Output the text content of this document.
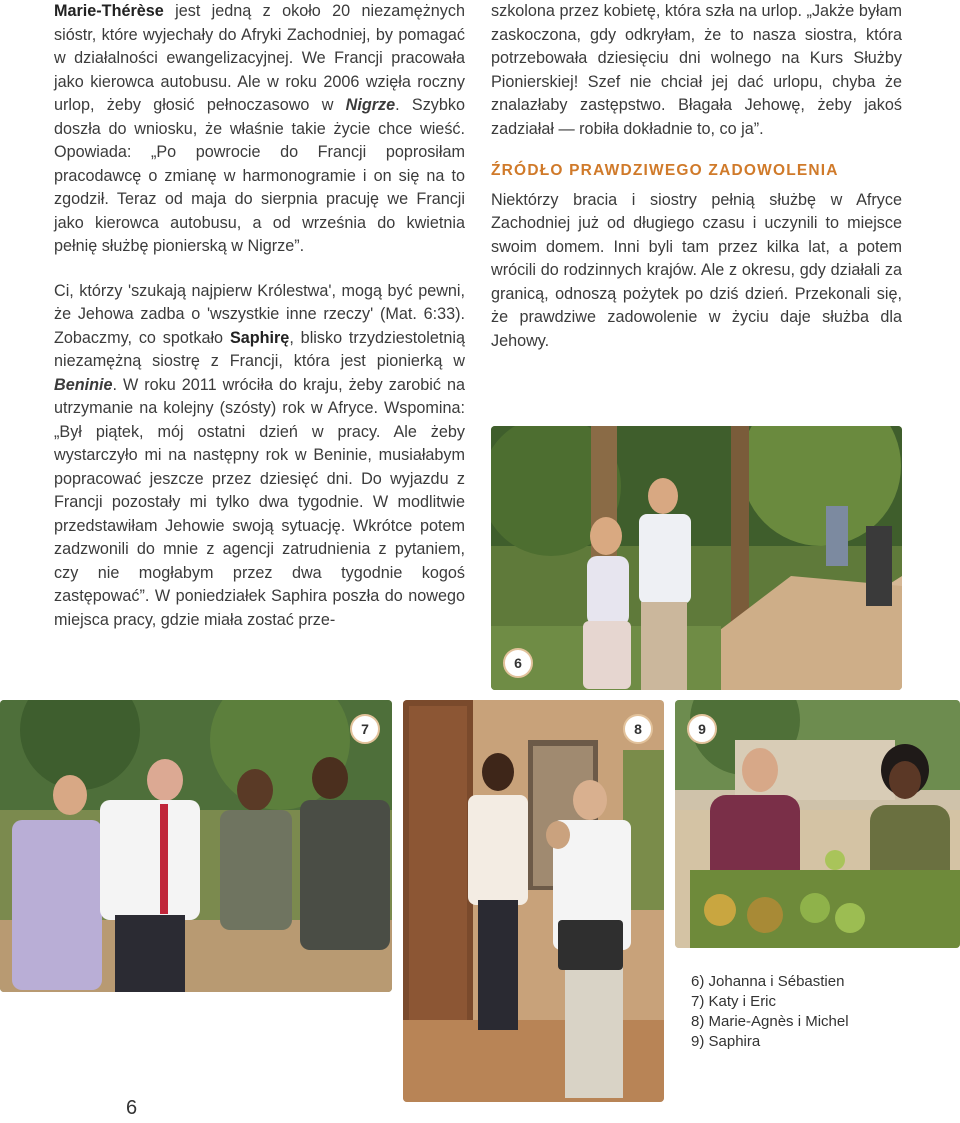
Marie-Thérèse jest jedną z około 20 niezamężnych sióstr, które wyjechały do Afryki Zachodniej, by pomagać w działalności ewangelizacyjnej. We Francji pracowała jako kierowca autobusu. Ale w roku 2006 wzięła roczny urlop, żeby głosić pełnoczasowo w Nigrze. Szybko doszła do wniosku, że właśnie takie życie chce wieść. Opowiada: „Po powrocie do Francji poprosiłam pracodawcę o zmianę w harmonogramie i on się na to zgodził. Teraz od maja do sierpnia pracuję we Francji jako kierowca autobusu, a od września do kwietnia pełnię służbę pionierską w Nigrze”.

Ci, którzy 'szukają najpierw Królestwa', mogą być pewni, że Jehowa zadba o 'wszystkie inne rzeczy' (Mat. 6:33). Zobaczmy, co spotkało Saphirę, blisko trzydziestoletnią niezamężną siostrę z Francji, która jest pionierką w Beninie. W roku 2011 wróciła do kraju, żeby zarobić na utrzymanie na kolejny (szósty) rok w Afryce. Wspomina: „Był piątek, mój ostatni dzień w pracy. Ale żeby wystarczyło mi na następny rok w Beninie, musiałabym popracować jeszcze przez dziesięć dni. Do wyjazdu z Francji pozostały mi tylko dwa tygodnie. W modlitwie przedstawiłam Jehowie swoją sytuację. Wkrótce potem zadzwonili do mnie z agencji zatrudnienia z pytaniem, czy nie mogłabym przez dwa tygodnie kogoś zastępować”. W poniedziałek Saphira poszła do nowego miejsca pracy, gdzie miała zostać prze-

szkolona przez kobietę, która szła na urlop. „Jakże byłam zaskoczona, gdy odkryłam, że to nasza siostra, która potrzebowała dziesięciu dni wolnego na Kurs Służby Pionierskiej! Szef nie chciał jej dać urlopu, chyba że znalazłaby zastępstwo. Błagała Jehowę, żeby jakoś zadziałał — robiła dokładnie to, co ja”.

ŹRÓDŁO PRAWDZIWEGO ZADOWOLENIA

Niektórzy bracia i siostry pełnią służbę w Afryce Zachodniej już od długiego czasu i uczynili to miejsce swoim domem. Inni byli tam przez kilka lat, a potem wrócili do rodzinnych krajów. Ale z okresu, gdy działali za granicą, odnoszą pożytek po dziś dzień. Przekonali się, że prawdziwe zadowolenie w życiu daje służba dla Jehowy.

6
7	8	9
6) Johanna i Sébastien
7) Katy i Eric
8) Marie-Agnès i Michel
9) Saphira
6
